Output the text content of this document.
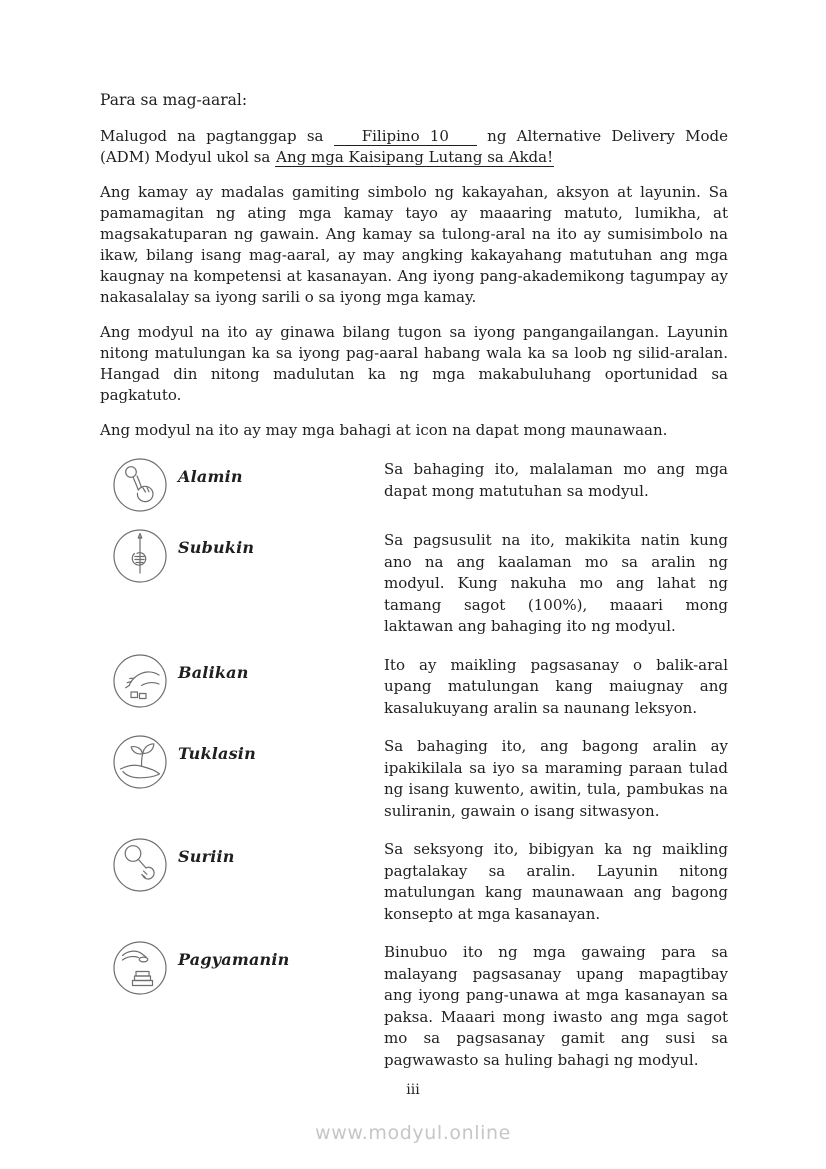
Para sa mag-aaral:

Malugod na pagtanggap sa	Filipino 10	ng Alternative Delivery Mode (ADM) Modyul ukol sa Ang mga Kaisipang Lutang sa Akda!

Ang kamay ay madalas gamiting simbolo ng kakayahan, aksyon at layunin. Sa pamamagitan ng ating mga kamay tayo ay maaaring matuto, lumikha, at magsakatuparan ng gawain. Ang kamay sa tulong-aral na ito ay sumisimbolo na ikaw, bilang isang mag-aaral, ay may angking kakayahang matutuhan ang mga kaugnay na kompetensi at kasanayan. Ang iyong pang-akademikong tagumpay ay nakasalalay sa iyong sarili o sa iyong mga kamay.

Ang modyul na ito ay ginawa bilang tugon sa iyong pangangailangan. Layunin nitong matulungan ka sa iyong pag-aaral habang wala ka sa loob ng silid-aralan. Hangad din nitong madulutan ka ng mga makabuluhang oportunidad sa pagkatuto.

Ang modyul na ito ay may mga bahagi at icon na dapat mong maunawaan.

Alamin	Sa bahaging ito, malalaman mo ang mga dapat mong matutuhan sa modyul.
Subukin	Sa pagsusulit na ito, makikita natin kung ano na ang kaalaman mo sa aralin ng modyul. Kung nakuha mo ang lahat ng tamang sagot (100%), maaari mong laktawan ang bahaging ito ng modyul.
Balikan	Ito ay maikling pagsasanay o balik-aral upang matulungan kang maiugnay ang kasalukuyang aralin sa naunang leksyon.
Tuklasin	Sa bahaging ito, ang bagong aralin ay ipakikilala sa iyo sa maraming paraan tulad ng isang kuwento, awitin, tula, pambukas na suliranin, gawain o isang sitwasyon.
Suriin	Sa seksyong ito, bibigyan ka ng maikling pagtalakay sa aralin. Layunin nitong matulungan kang maunawaan ang bagong konsepto at mga kasanayan.
Pagyamanin	Binubuo ito ng mga gawaing para sa malayang pagsasanay upang mapagtibay ang iyong pang-unawa at mga kasanayan sa paksa. Maaari mong iwasto ang mga sagot mo sa pagsasanay gamit ang susi sa pagwawasto sa huling bahagi ng modyul.
iii
www.modyul.online
